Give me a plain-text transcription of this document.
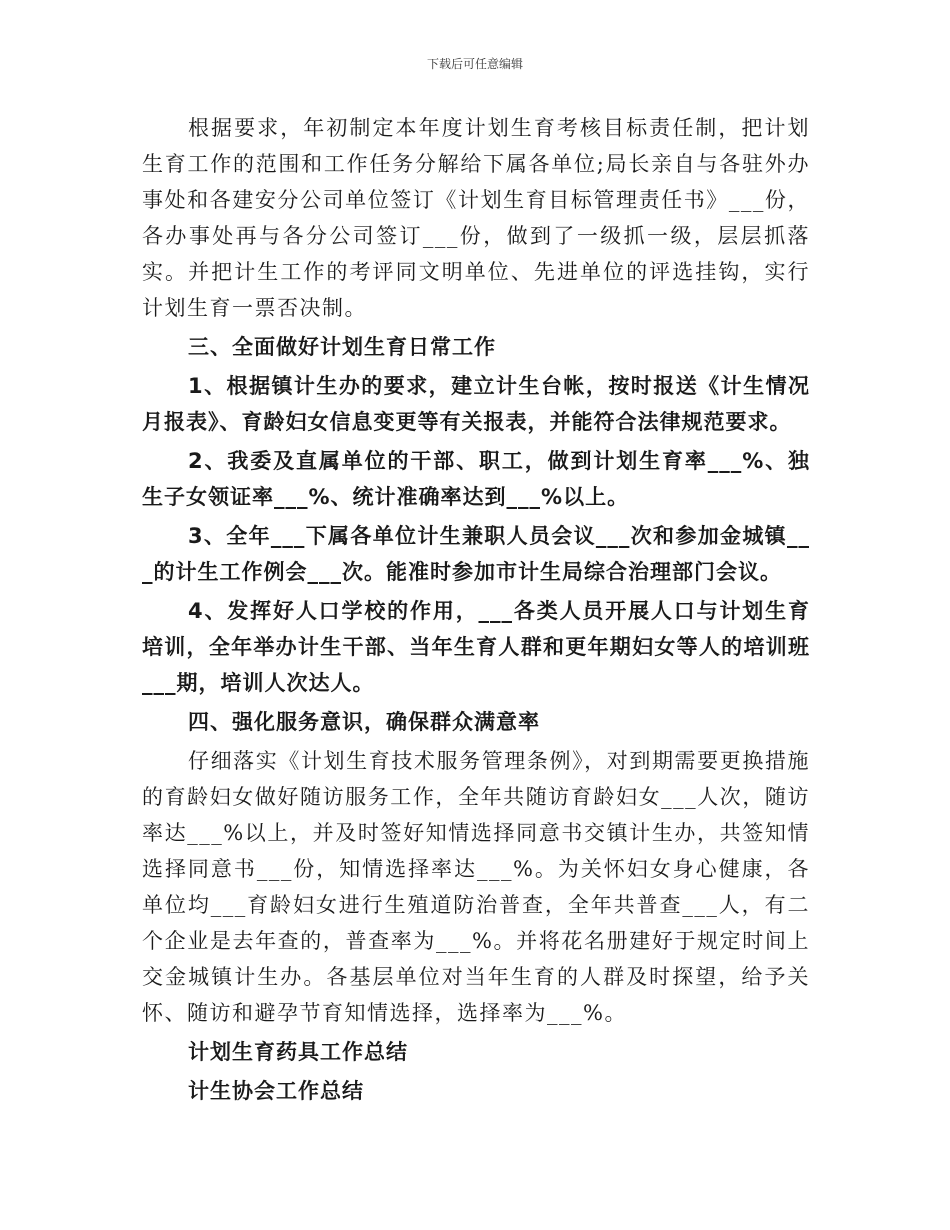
下载后可任意编辑

根据要求，年初制定本年度计划生育考核目标责任制，把计划生育工作的范围和工作任务分解给下属各单位;局长亲自与各驻外办事处和各建安分公司单位签订《计划生育目标管理责任书》___份，各办事处再与各分公司签订___份，做到了一级抓一级，层层抓落实。并把计生工作的考评同文明单位、先进单位的评选挂钩，实行计划生育一票否决制。

三、全面做好计划生育日常工作

1、根据镇计生办的要求，建立计生台帐，按时报送《计生情况月报表》、育龄妇女信息变更等有关报表，并能符合法律规范要求。

2、我委及直属单位的干部、职工，做到计划生育率___%、独生子女领证率___%、统计准确率达到___%以上。

3、全年___下属各单位计生兼职人员会议___次和参加金城镇___的计生工作例会___次。能准时参加市计生局综合治理部门会议。

4、发挥好人口学校的作用，___各类人员开展人口与计划生育培训，全年举办计生干部、当年生育人群和更年期妇女等人的培训班___期，培训人次达人。

四、强化服务意识，确保群众满意率

仔细落实《计划生育技术服务管理条例》，对到期需要更换措施的育龄妇女做好随访服务工作，全年共随访育龄妇女___人次，随访率达___%以上，并及时签好知情选择同意书交镇计生办，共签知情选择同意书___份，知情选择率达___%。为关怀妇女身心健康，各单位均___育龄妇女进行生殖道防治普查，全年共普查___人，有二个企业是去年查的，普查率为___%。并将花名册建好于规定时间上交金城镇计生办。各基层单位对当年生育的人群及时探望，给予关怀、随访和避孕节育知情选择，选择率为___%。

计划生育药具工作总结

计生协会工作总结
